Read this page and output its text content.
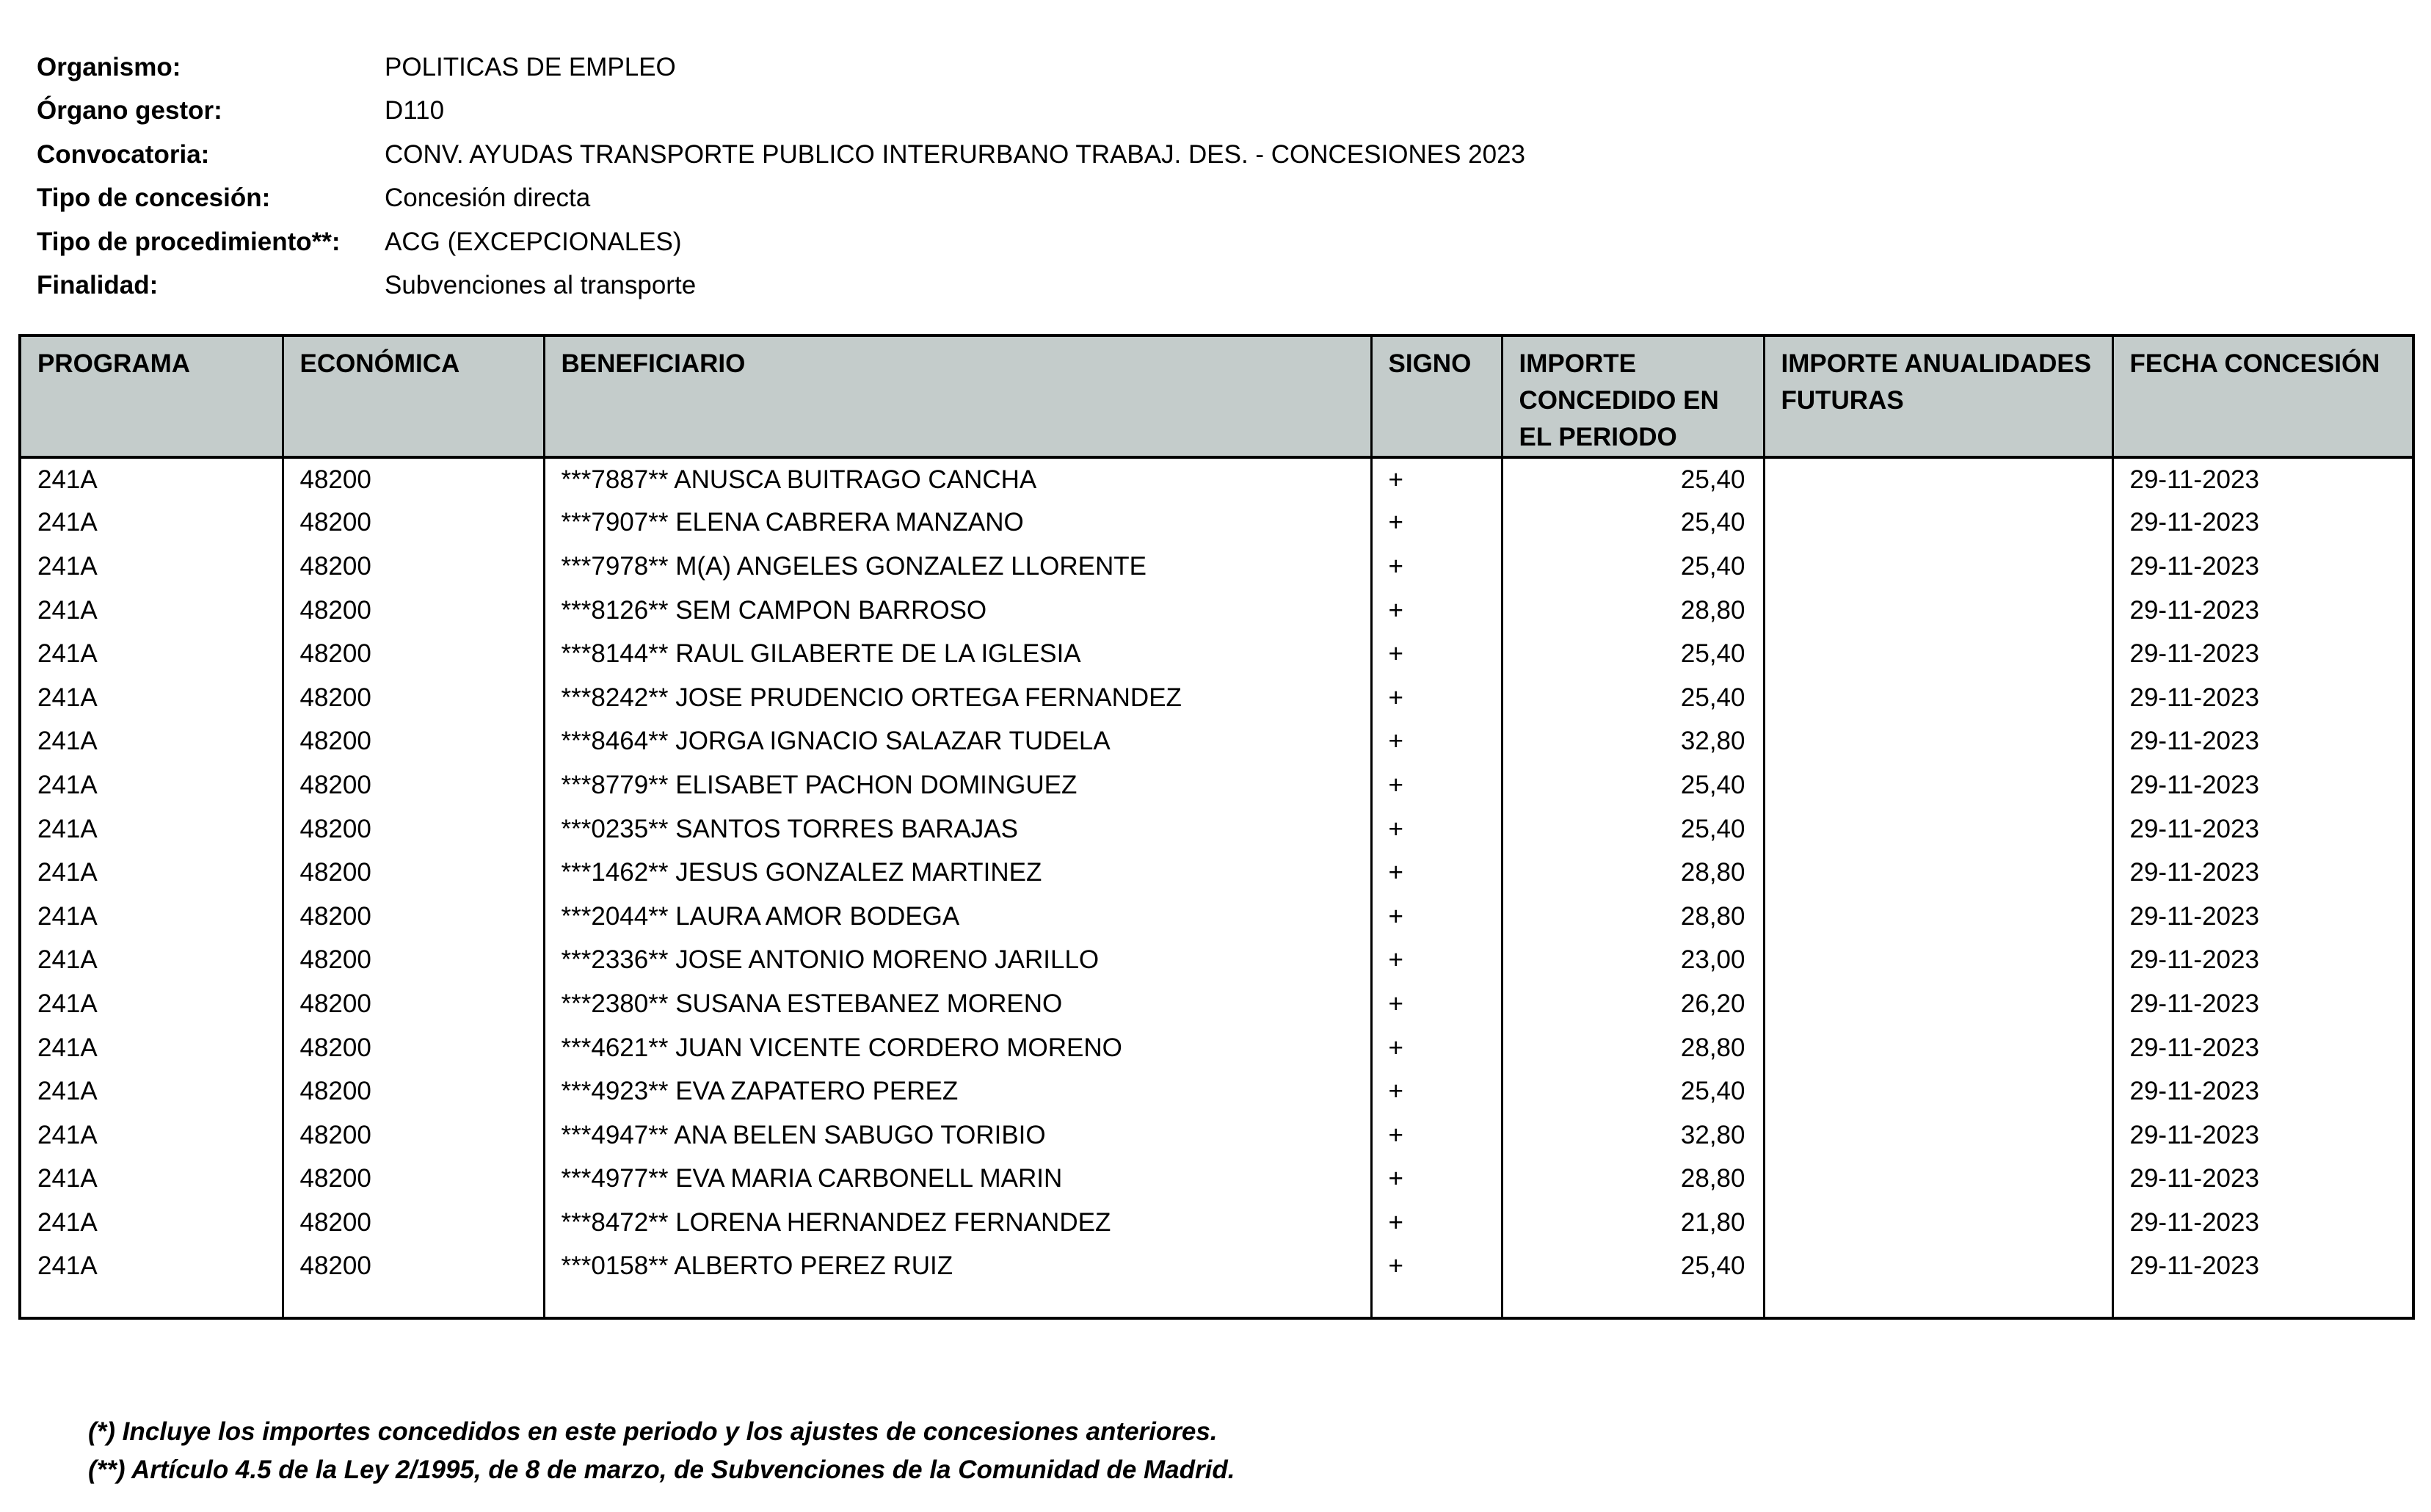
Organismo:	POLITICAS DE EMPLEO
Órgano gestor:	D110
Convocatoria:	CONV. AYUDAS TRANSPORTE PUBLICO INTERURBANO TRABAJ. DES. - CONCESIONES 2023
Tipo de concesión:	Concesión directa
Tipo de procedimiento**:	ACG (EXCEPCIONALES)
Finalidad:	Subvenciones al transporte
PROGRAMA	ECONÓMICA	BENEFICIARIO	SIGNO	IMPORTE CONCEDIDO EN EL PERIODO	IMPORTE ANUALIDADES FUTURAS	FECHA CONCESIÓN
241A	48200	***7887** ANUSCA BUITRAGO CANCHA	+	25,40		29-11-2023
241A	48200	***7907** ELENA CABRERA MANZANO	+	25,40		29-11-2023
241A	48200	***7978** M(A) ANGELES GONZALEZ LLORENTE	+	25,40		29-11-2023
241A	48200	***8126** SEM CAMPON BARROSO	+	28,80		29-11-2023
241A	48200	***8144** RAUL GILABERTE DE LA IGLESIA	+	25,40		29-11-2023
241A	48200	***8242** JOSE PRUDENCIO ORTEGA FERNANDEZ	+	25,40		29-11-2023
241A	48200	***8464** JORGA IGNACIO SALAZAR TUDELA	+	32,80		29-11-2023
241A	48200	***8779** ELISABET PACHON DOMINGUEZ	+	25,40		29-11-2023
241A	48200	***0235** SANTOS TORRES BARAJAS	+	25,40		29-11-2023
241A	48200	***1462** JESUS GONZALEZ MARTINEZ	+	28,80		29-11-2023
241A	48200	***2044** LAURA AMOR BODEGA	+	28,80		29-11-2023
241A	48200	***2336** JOSE ANTONIO MORENO JARILLO	+	23,00		29-11-2023
241A	48200	***2380** SUSANA ESTEBANEZ MORENO	+	26,20		29-11-2023
241A	48200	***4621** JUAN VICENTE CORDERO MORENO	+	28,80		29-11-2023
241A	48200	***4923** EVA ZAPATERO PEREZ	+	25,40		29-11-2023
241A	48200	***4947** ANA BELEN SABUGO TORIBIO	+	32,80		29-11-2023
241A	48200	***4977** EVA MARIA CARBONELL MARIN	+	28,80		29-11-2023
241A	48200	***8472** LORENA HERNANDEZ FERNANDEZ	+	21,80		29-11-2023
241A	48200	***0158** ALBERTO PEREZ RUIZ	+	25,40		29-11-2023

(*) Incluye los importes concedidos en este periodo y los ajustes de concesiones anteriores.
(**) Artículo 4.5 de la Ley 2/1995, de 8 de marzo, de Subvenciones de la Comunidad de Madrid.
